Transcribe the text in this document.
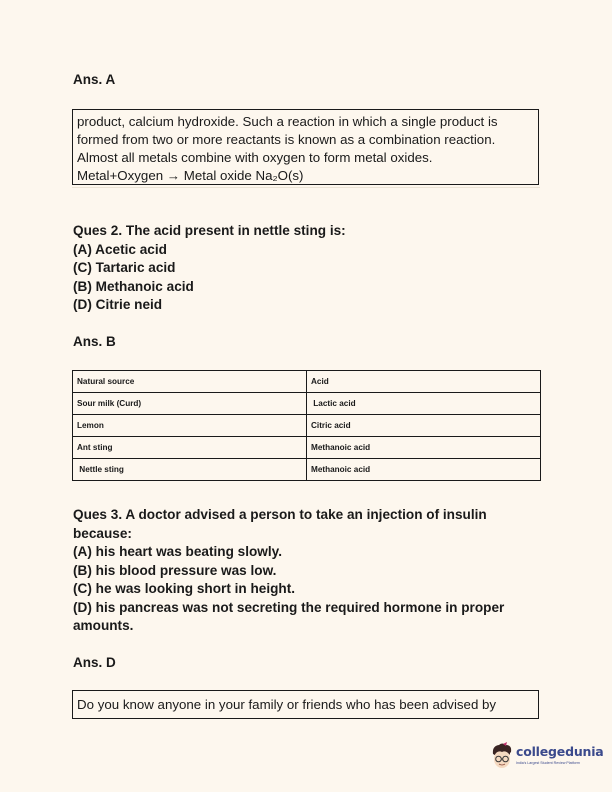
Ans. A
product, calcium hydroxide. Such a reaction in which a single product is
formed from two or more reactants is known as a combination reaction.
Almost all metals combine with oxygen to form metal oxides.
Metal+Oxygen → Metal oxide Na₂O(s)
Ques 2. The acid present in nettle sting is:
(A) Acetic acid
(C) Tartaric acid
(B) Methanoic acid
(D) Citrie neid
Ans. B
Natural source	Acid
Sour milk (Curd)	Lactic acid
Lemon	Citric acid
Ant sting	Methanoic acid
Nettle sting	Methanoic acid
Ques 3. A doctor advised a person to take an injection of insulin
because:
(A) his heart was beating slowly.
(B) his blood pressure was low.
(C) he was looking short in height.
(D) his pancreas was not secreting the required hormone in proper
amounts.
Ans. D
Do you know anyone in your family or friends who has been advised by
collegedunia
India's Largest Student Review Platform
